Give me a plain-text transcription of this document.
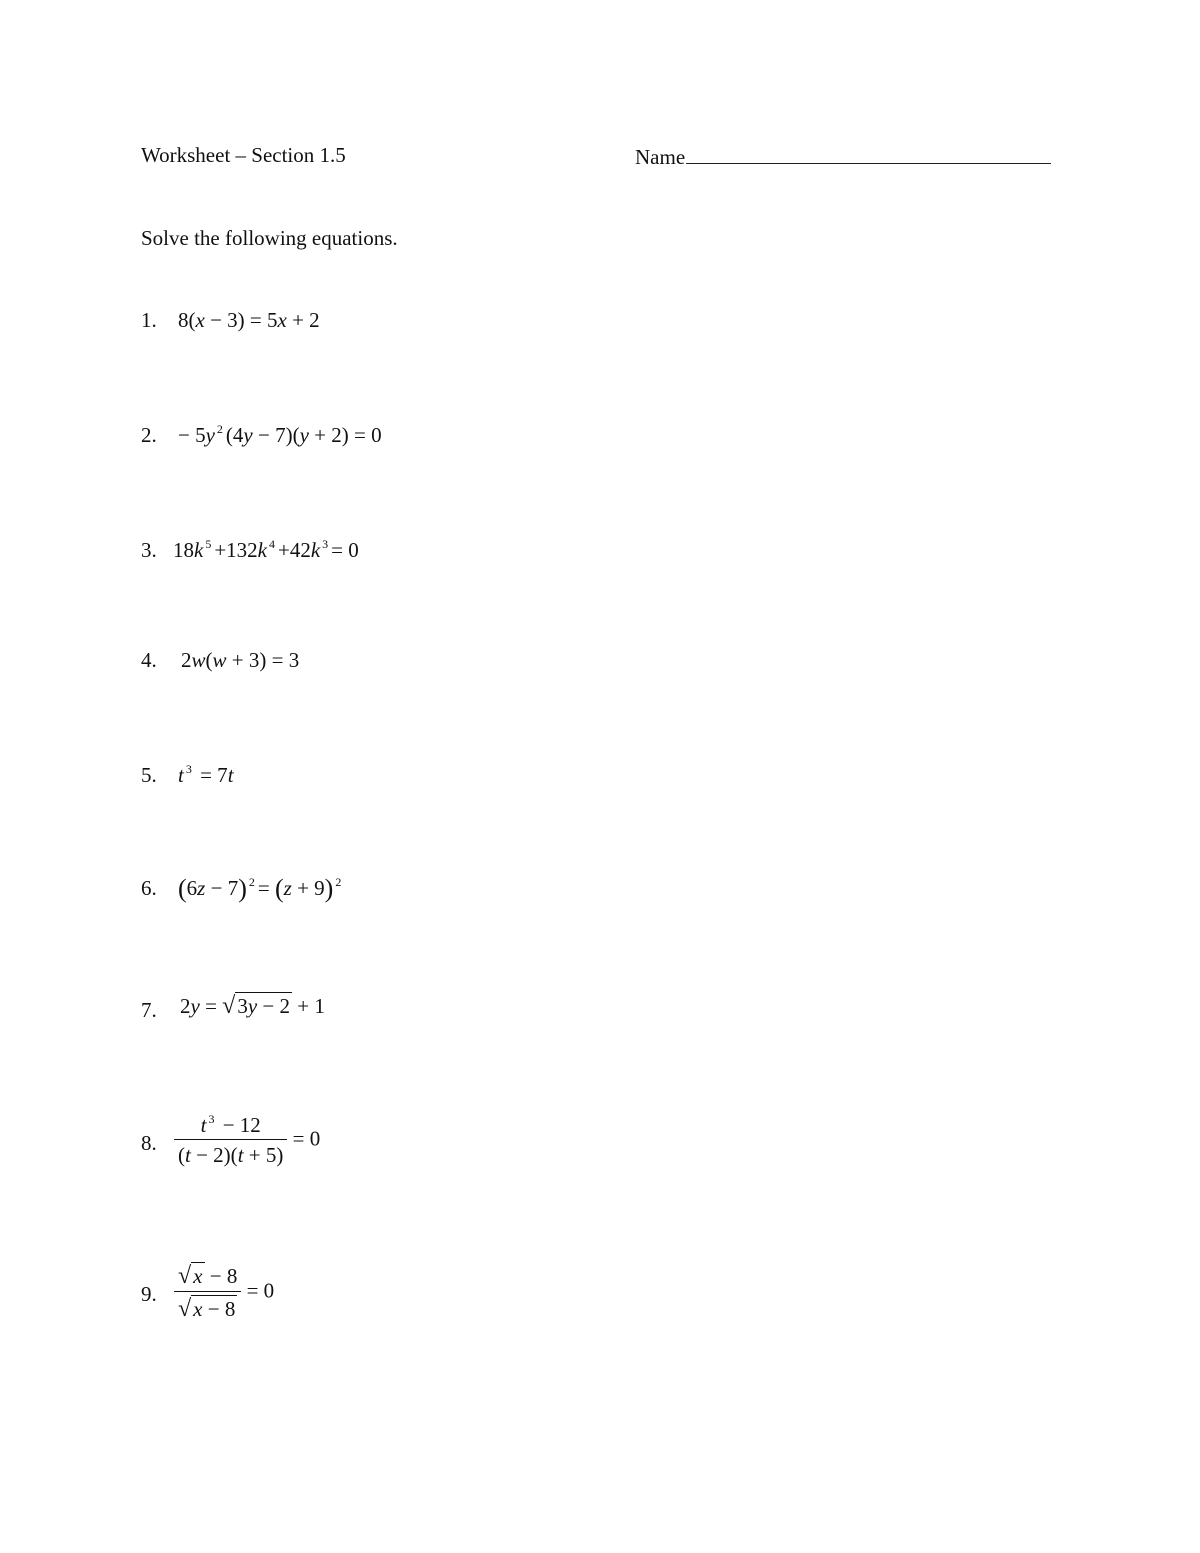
Worksheet – Section 1.5	Name
Solve the following equations.
1. 8(x − 3) = 5x + 2
2. − 5y $^2$ (4y − 7)(y + 2) = 0
3. 18k $^5$ +132k $^4$ +42k $^3$ = 0
4. 2w(w + 3) = 3
5. t $^3$ = 7t
6. (6z − 7) $^2$ = (z + 9) $^2$
7. 2y = √3y − 2 + 1
8. $\frac{t ^3 - 12}{(t - 2)(t + 5)} = 0$
9. $\frac{√x - 8}{√x - 8} = 0$
